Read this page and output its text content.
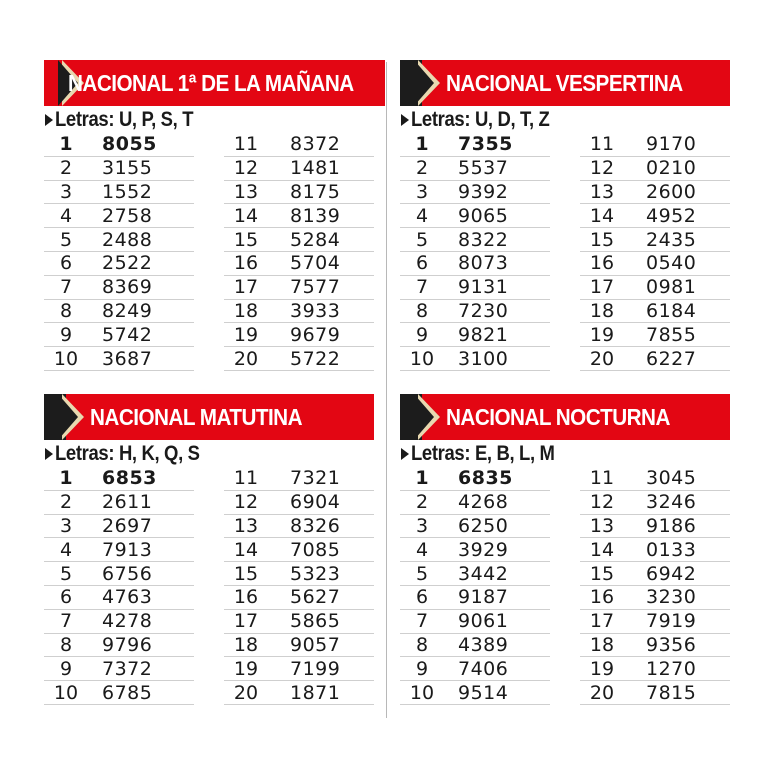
NACIONAL 1ª DE LA MAÑANA
Letras: U, P, S, T
1	8055
2	3155
3	1552
4	2758
5	2488
6	2522
7	8369
8	8249
9	5742
10	3687
11	8372
12	1481
13	8175
14	8139
15	5284
16	5704
17	7577
18	3933
19	9679
20	5722
NACIONAL VESPERTINA
Letras: U, D, T, Z
1	7355
2	5537
3	9392
4	9065
5	8322
6	8073
7	9131
8	7230
9	9821
10	3100
11	9170
12	0210
13	2600
14	4952
15	2435
16	0540
17	0981
18	6184
19	7855
20	6227
NACIONAL MATUTINA
Letras: H, K, Q, S
1	6853
2	2611
3	2697
4	7913
5	6756
6	4763
7	4278
8	9796
9	7372
10	6785
11	7321
12	6904
13	8326
14	7085
15	5323
16	5627
17	5865
18	9057
19	7199
20	1871
NACIONAL NOCTURNA
Letras: E, B, L, M
1	6835
2	4268
3	6250
4	3929
5	3442
6	9187
7	9061
8	4389
9	7406
10	9514
11	3045
12	3246
13	9186
14	0133
15	6942
16	3230
17	7919
18	9356
19	1270
20	7815
